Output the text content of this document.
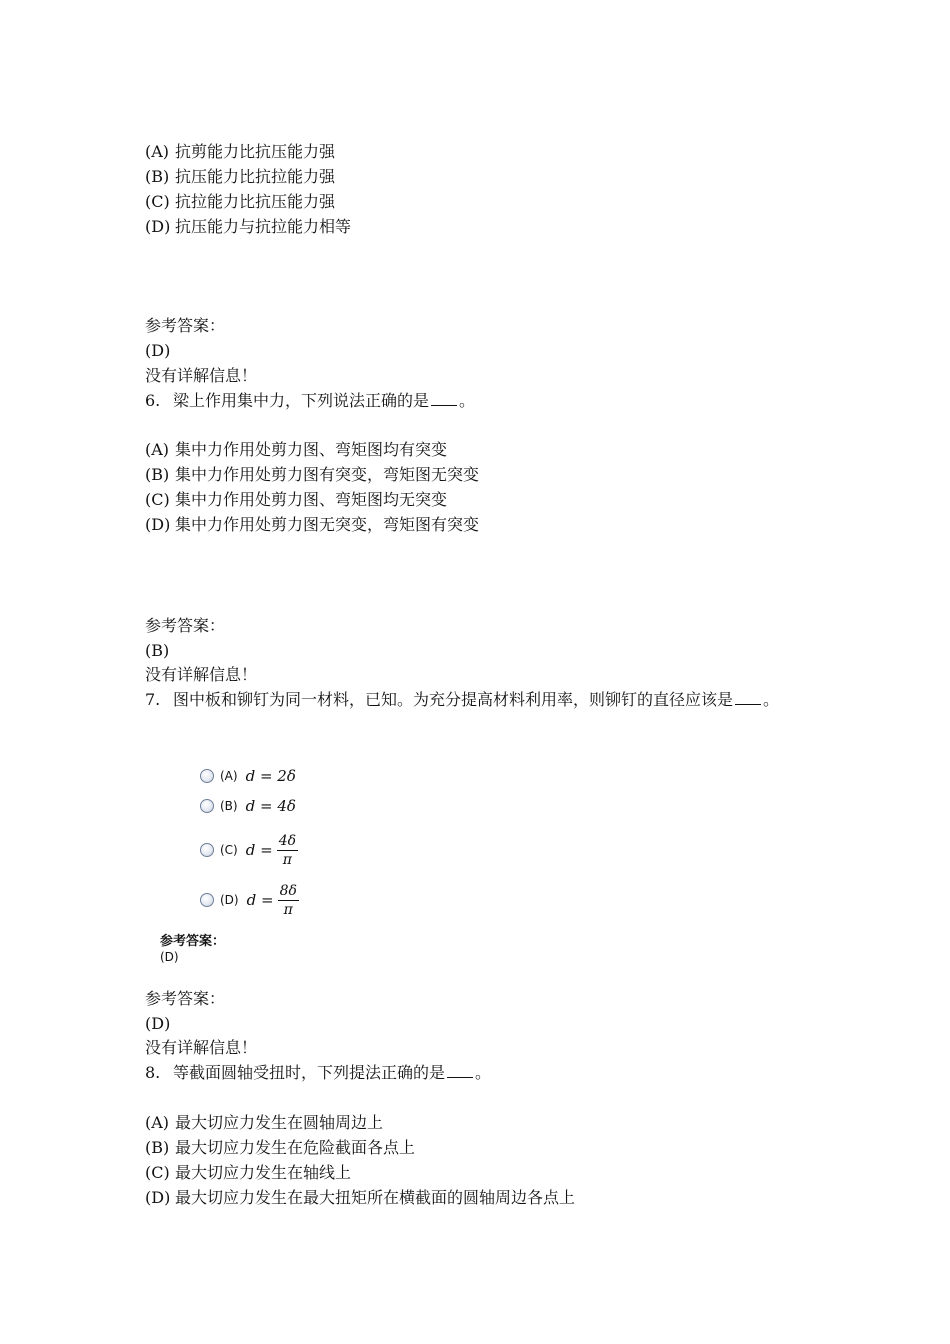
(A) 抗剪能力比抗压能力强
(B) 抗压能力比抗拉能力强
(C) 抗拉能力比抗压能力强
(D) 抗压能力与抗拉能力相等
参考答案：
(D)
没有详解信息！
6. 梁上作用集中力，下列说法正确的是 。
(A) 集中力作用处剪力图、弯矩图均有突变
(B) 集中力作用处剪力图有突变，弯矩图无突变
(C) 集中力作用处剪力图、弯矩图均无突变
(D) 集中力作用处剪力图无突变，弯矩图有突变
参考答案：
(B)
没有详解信息！
7. 图中板和铆钉为同一材料，已知。为充分提高材料利用率，则铆钉的直径应该是 。
(A) d = 2δ
(B) d = 4δ
(C) $d = \frac{4\delta}{\pi}$
(D) $d = \frac{8\delta}{\pi}$
参考答案：
(D)
参考答案：
(D)
没有详解信息！
8. 等截面圆轴受扭时，下列提法正确的是 。
(A) 最大切应力发生在圆轴周边上
(B) 最大切应力发生在危险截面各点上
(C) 最大切应力发生在轴线上
(D) 最大切应力发生在最大扭矩所在横截面的圆轴周边各点上
